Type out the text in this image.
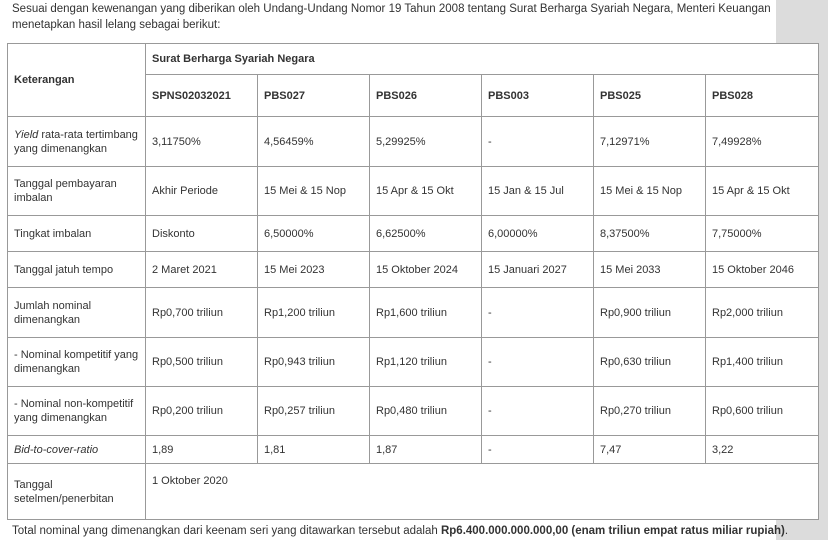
Sesuai dengan kewenangan yang diberikan oleh Undang-Undang Nomor 19 Tahun 2008 tentang Surat Berharga Syariah Negara, Menteri Keuangan menetapkan hasil lelang sebagai berikut:
Keterangan	Surat Berharga Syariah Negara					
	SPNS02032021	PBS027	PBS026	PBS003	PBS025	PBS028
Yield rata-rata tertimbang yang dimenangkan	3,11750%	4,56459%	5,29925%	-	7,12971%	7,49928%
Tanggal pembayaran imbalan	Akhir Periode	15 Mei & 15 Nop	15 Apr & 15 Okt	15 Jan & 15 Jul	15 Mei & 15 Nop	15 Apr & 15 Okt
Tingkat imbalan	Diskonto	6,50000%	6,62500%	6,00000%	8,37500%	7,75000%
Tanggal jatuh tempo	2 Maret 2021	15 Mei 2023	15 Oktober 2024	15 Januari 2027	15 Mei 2033	15 Oktober 2046
Jumlah nominal dimenangkan	Rp0,700 triliun	Rp1,200 triliun	Rp1,600 triliun	-	Rp0,900 triliun	Rp2,000 triliun
- Nominal kompetitif yang dimenangkan	Rp0,500 triliun	Rp0,943 triliun	Rp1,120 triliun	-	Rp0,630 triliun	Rp1,400 triliun
- Nominal non-kompetitif yang dimenangkan	Rp0,200 triliun	Rp0,257 triliun	Rp0,480 triliun	-	Rp0,270 triliun	Rp0,600 triliun
Bid-to-cover-ratio	1,89	1,81	1,87	-	7,47	3,22
Tanggal setelmen/penerbitan	1 Oktober 2020					
Total nominal yang dimenangkan dari keenam seri yang ditawarkan tersebut adalah Rp6.400.000.000.000,00 (enam triliun empat ratus miliar rupiah).
